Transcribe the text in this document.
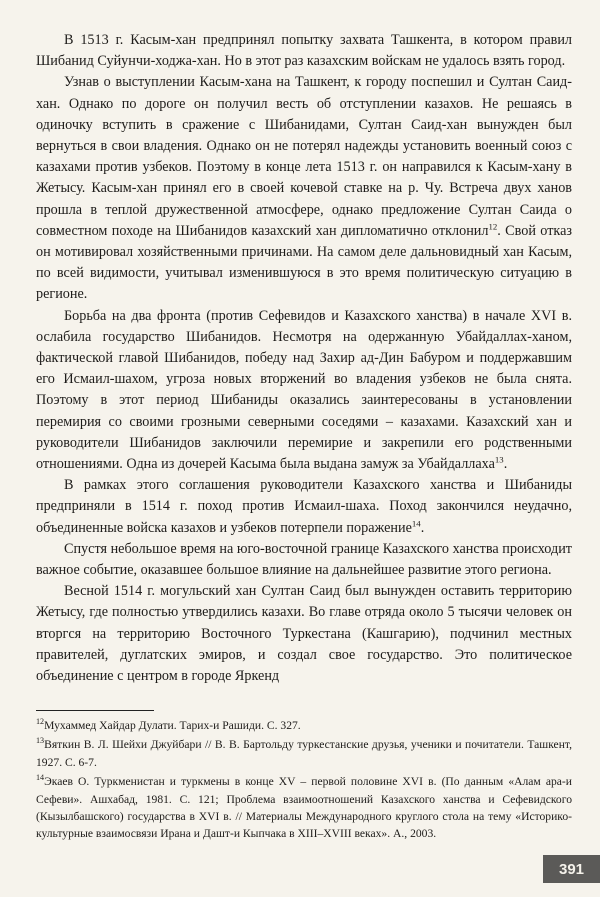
В 1513 г. Касым-хан предпринял попытку захвата Ташкента, в котором правил Шибанид Суйунчи-ходжа-хан. Но в этот раз казахским войскам не удалось взять город.

Узнав о выступлении Касым-хана на Ташкент, к городу поспешил и Султан Саид-хан. Однако по дороге он получил весть об отступлении казахов. Не решаясь в одиночку вступить в сражение с Шибанидами, Султан Саид-хан вынужден был вернуться в свои владения. Однако он не потерял надежды установить военный союз с казахами против узбеков. Поэтому в конце лета 1513 г. он направился к Касым-хану в Жетысу. Касым-хан принял его в своей кочевой ставке на р. Чу. Встреча двух ханов прошла в теплой дружественной атмосфере, однако предложение Султан Саида о совместном походе на Шибанидов казахский хан дипломатично отклонил$^{12}$. Свой отказ он мотивировал хозяйственными причинами. На самом деле дальновидный хан Касым, по всей видимости, учитывал изменившуюся в это время политическую ситуацию в регионе.

Борьба на два фронта (против Сефевидов и Казахского ханства) в начале XVI в. ослабила государство Шибанидов. Несмотря на одержанную Убайдаллах-ханом, фактической главой Шибанидов, победу над Захир ад-Дин Бабуром и поддержавшим его Исмаил-шахом, угроза новых вторжений во владения узбеков не была снята. Поэтому в этот период Шибаниды оказались заинтересованы в установлении перемирия со своими грозными северными соседями – казахами. Казахский хан и руководители Шибанидов заключили перемирие и закрепили его родственными отношениями. Одна из дочерей Касыма была выдана замуж за Убайдаллаха$^{13}$.

В рамках этого соглашения руководители Казахского ханства и Шибаниды предприняли в 1514 г. поход против Исмаил-шаха. Поход закончился неудачно, объединенные войска казахов и узбеков потерпели поражение$^{14}$.

Спустя небольшое время на юго-восточной границе Казахского ханства происходит важное событие, оказавшее большое влияние на дальнейшее развитие этого региона.

Весной 1514 г. могульский хан Султан Саид был вынужден оставить территорию Жетысу, где полностью утвердились казахи. Во главе отряда около 5 тысячи человек он вторгся на территорию Восточного Туркестана (Кашгарию), подчинил местных правителей, дуглатских эмиров, и создал свое государство. Это политическое объединение с центром в городе Яркенд

$^{12}$Мухаммед Хайдар Дулати. Тарих-и Рашиди. С. 327.
$^{13}$Вяткин В. Л. Шейхи Джуйбари // В. В. Бартольду туркестанские друзья, ученики и почитатели. Ташкент, 1927. С. 6-7.
$^{14}$Экаев О. Туркменистан и туркмены в конце XV – первой половине XVI в. (По данным «Алам ара-и Сефеви». Ашхабад, 1981. С. 121; Проблема взаимоотношений Казахского ханства и Сефевидского (Кызылбашского) государства в XVI в. // Материалы Международного круглого стола на тему «Историко-культурные взаимосвязи Ирана и Дашт-и Кыпчака в XIII–XVIII веках». А., 2003.
391
